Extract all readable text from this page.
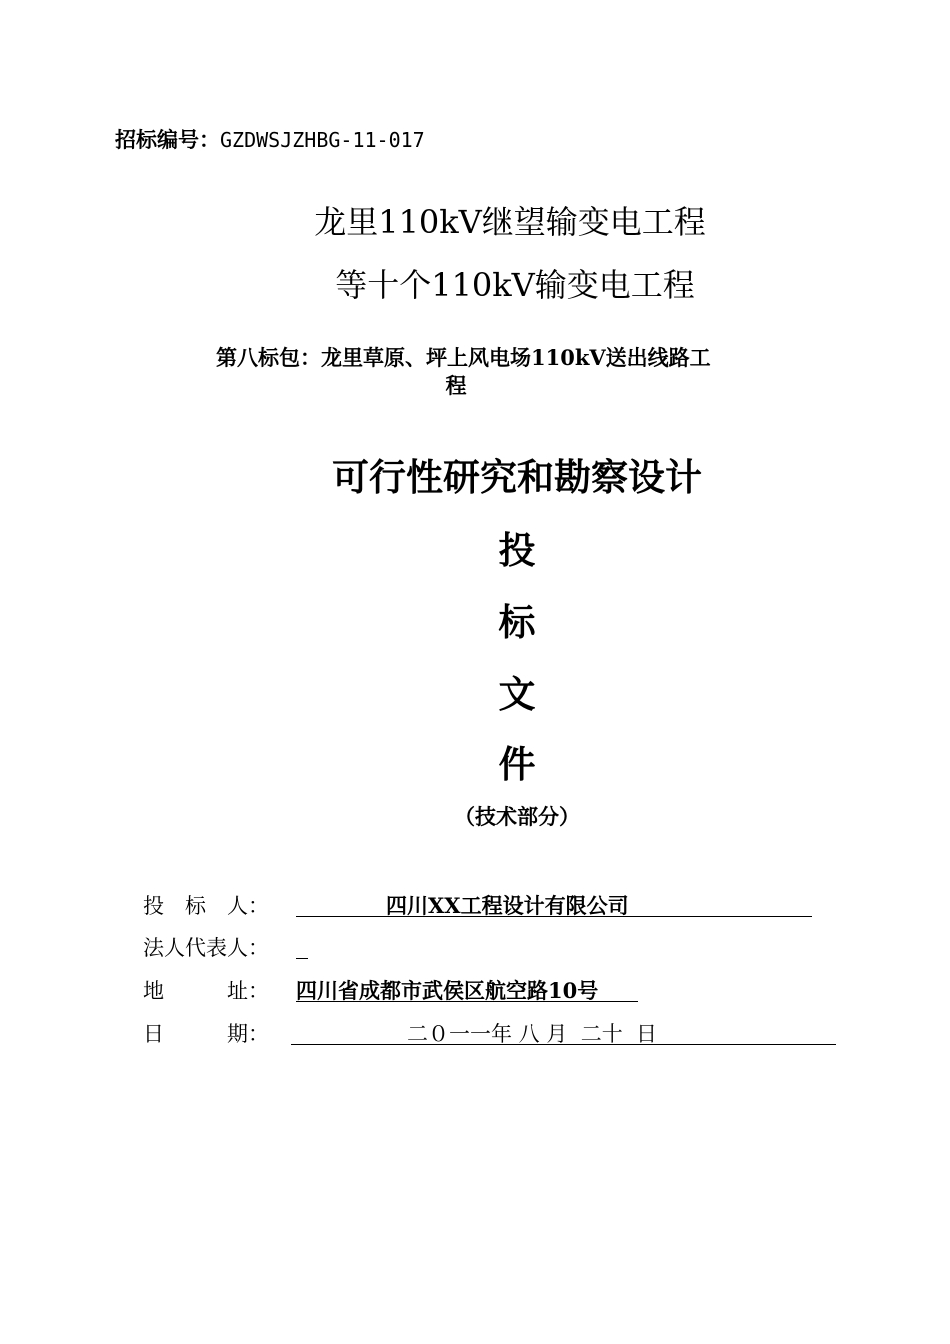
招标编号：GZDWSJZHBG-11-017
龙里110kV继望输变电工程
等十个110kV输变电工程
第八标包：龙里草原、坪上风电场110kV送出线路工
程
可行性研究和勘察设计
投
标
文
件
（技术部分）
投　标　人：	四川XX工程设计有限公司
法人代表人：
地　　　址：	四川省成都市武侯区航空路10号
日　　　期：	二０一一年 八 月  二十  日
